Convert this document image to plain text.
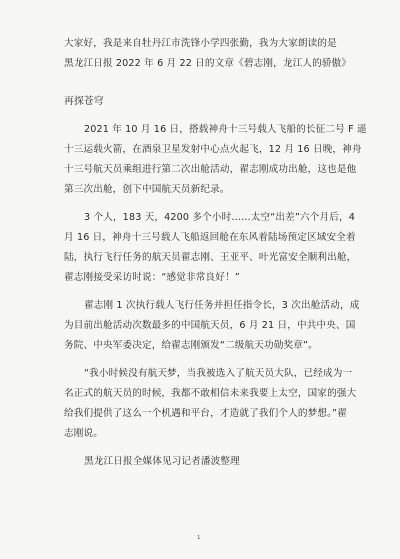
大家好，我是来自牡丹江市洗锋小学四张勤，我为大家朗读的是
黑龙江日报 2022 年 6 月 22 日的文章《碧志刚，龙江人的骄傲》
再探苍穹
2021 年 10 月 16 日，搭载神舟十三号载人飞船的长征二号 F 遥
十三运载火箭，在酒泉卫星发射中心点火起飞，12 月 16 日晚，神舟
十三号航天员乘组进行第二次出舱活动，翟志刚成功出舱，这也是他
第三次出舱，创下中国航天员新纪录。
3 个人，183 天，4200 多个小时……太空“出差”六个月后，4
月 16 日，神舟十三号载人飞船返回舱在东风着陆场预定区域安全着
陆，执行飞行任务的航天员翟志刚、王亚平、叶光富安全顺利出舱，
翟志刚接受采访时说：“感觉非常良好！”
翟志刚 1 次执行载人飞行任务并担任指令长，3 次出舱活动，成
为目前出舱活动次数最多的中国航天员，6 月 21 日，中共中央、国
务院、中央军委决定，给翟志刚颁发“二级航天功勋奖章”。
“我小时候没有航天梦，当我被选入了航天员大队，已经成为一
名正式的航天员的时候，我都不敢相信未来我要上太空，国家的强大
给我们提供了这么一个机遇和平台，才造就了我们个人的梦想。”翟
志刚说。
黑龙江日报全媒体见习记者潘波整理
1
